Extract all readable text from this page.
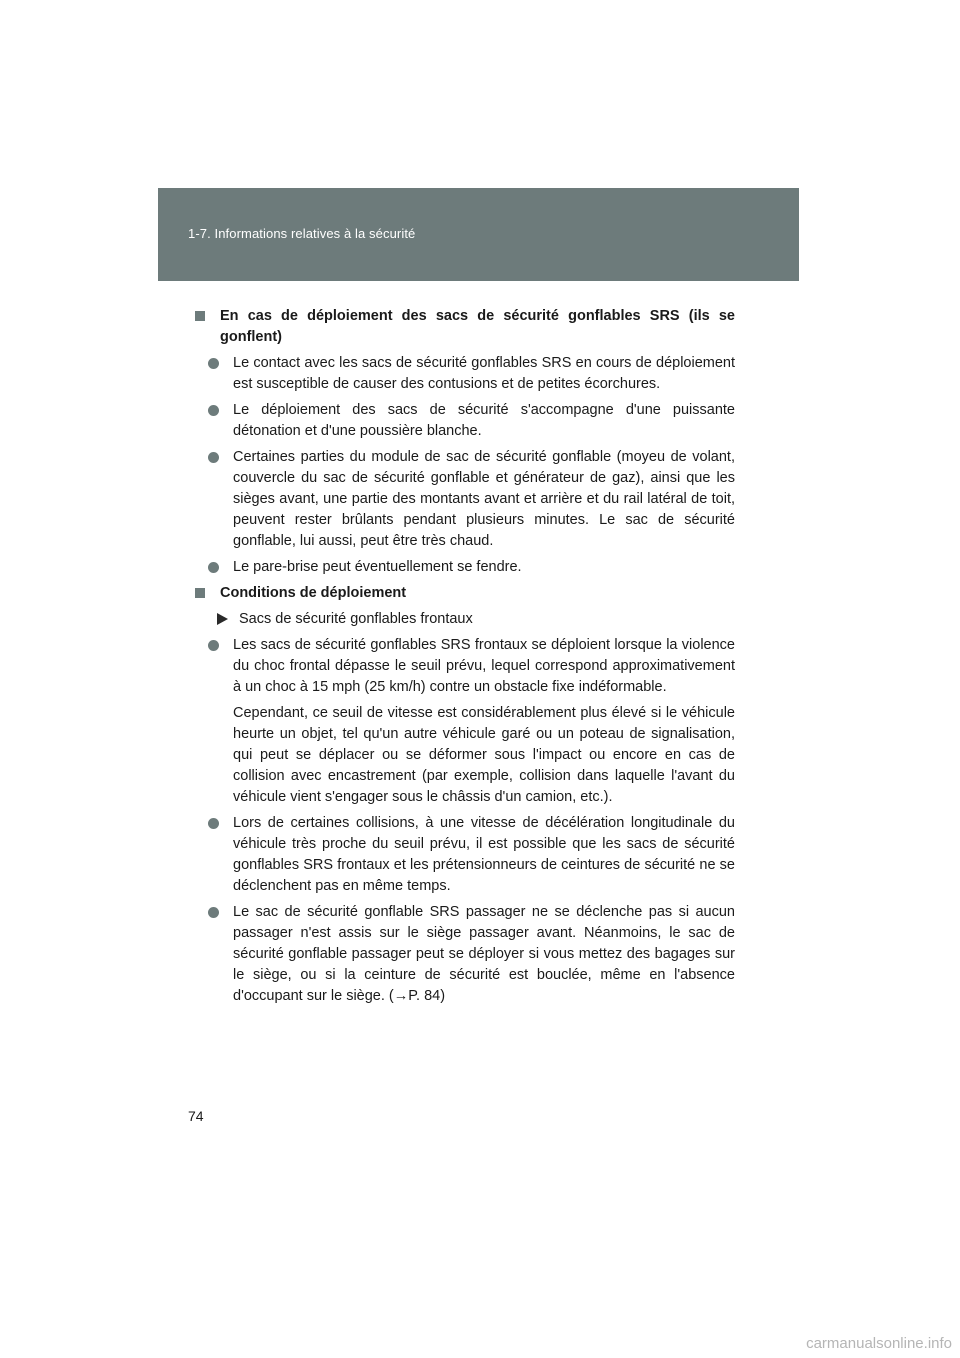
1-7. Informations relatives à la sécurité
En cas de déploiement des sacs de sécurité gonflables SRS (ils se gonflent)
Le contact avec les sacs de sécurité gonflables SRS en cours de déploiement est susceptible de causer des contusions et de petites écorchures.
Le déploiement des sacs de sécurité s'accompagne d'une puissante détonation et d'une poussière blanche.
Certaines parties du module de sac de sécurité gonflable (moyeu de volant, couvercle du sac de sécurité gonflable et générateur de gaz), ainsi que les sièges avant, une partie des montants avant et arrière et du rail latéral de toit, peuvent rester brûlants pendant plusieurs minutes. Le sac de sécurité gonflable, lui aussi, peut être très chaud.
Le pare-brise peut éventuellement se fendre.
Conditions de déploiement
Sacs de sécurité gonflables frontaux
Les sacs de sécurité gonflables SRS frontaux se déploient lorsque la violence du choc frontal dépasse le seuil prévu, lequel correspond approximativement à un choc à 15 mph (25 km/h) contre un obstacle fixe indéformable.
Cependant, ce seuil de vitesse est considérablement plus élevé si le véhicule heurte un objet, tel qu'un autre véhicule garé ou un poteau de signalisation, qui peut se déplacer ou se déformer sous l'impact ou encore en cas de collision avec encastrement (par exemple, collision dans laquelle l'avant du véhicule vient s'engager sous le châssis d'un camion, etc.).
Lors de certaines collisions, à une vitesse de décélération longitudinale du véhicule très proche du seuil prévu, il est possible que les sacs de sécurité gonflables SRS frontaux et les prétensionneurs de ceintures de sécurité ne se déclenchent pas en même temps.
Le sac de sécurité gonflable SRS passager ne se déclenche pas si aucun passager n'est assis sur le siège passager avant. Néanmoins, le sac de sécurité gonflable passager peut se déployer si vous mettez des bagages sur le siège, ou si la ceinture de sécurité est bouclée, même en l'absence d'occupant sur le siège. (→P. 84)
74
carmanualsonline.info
